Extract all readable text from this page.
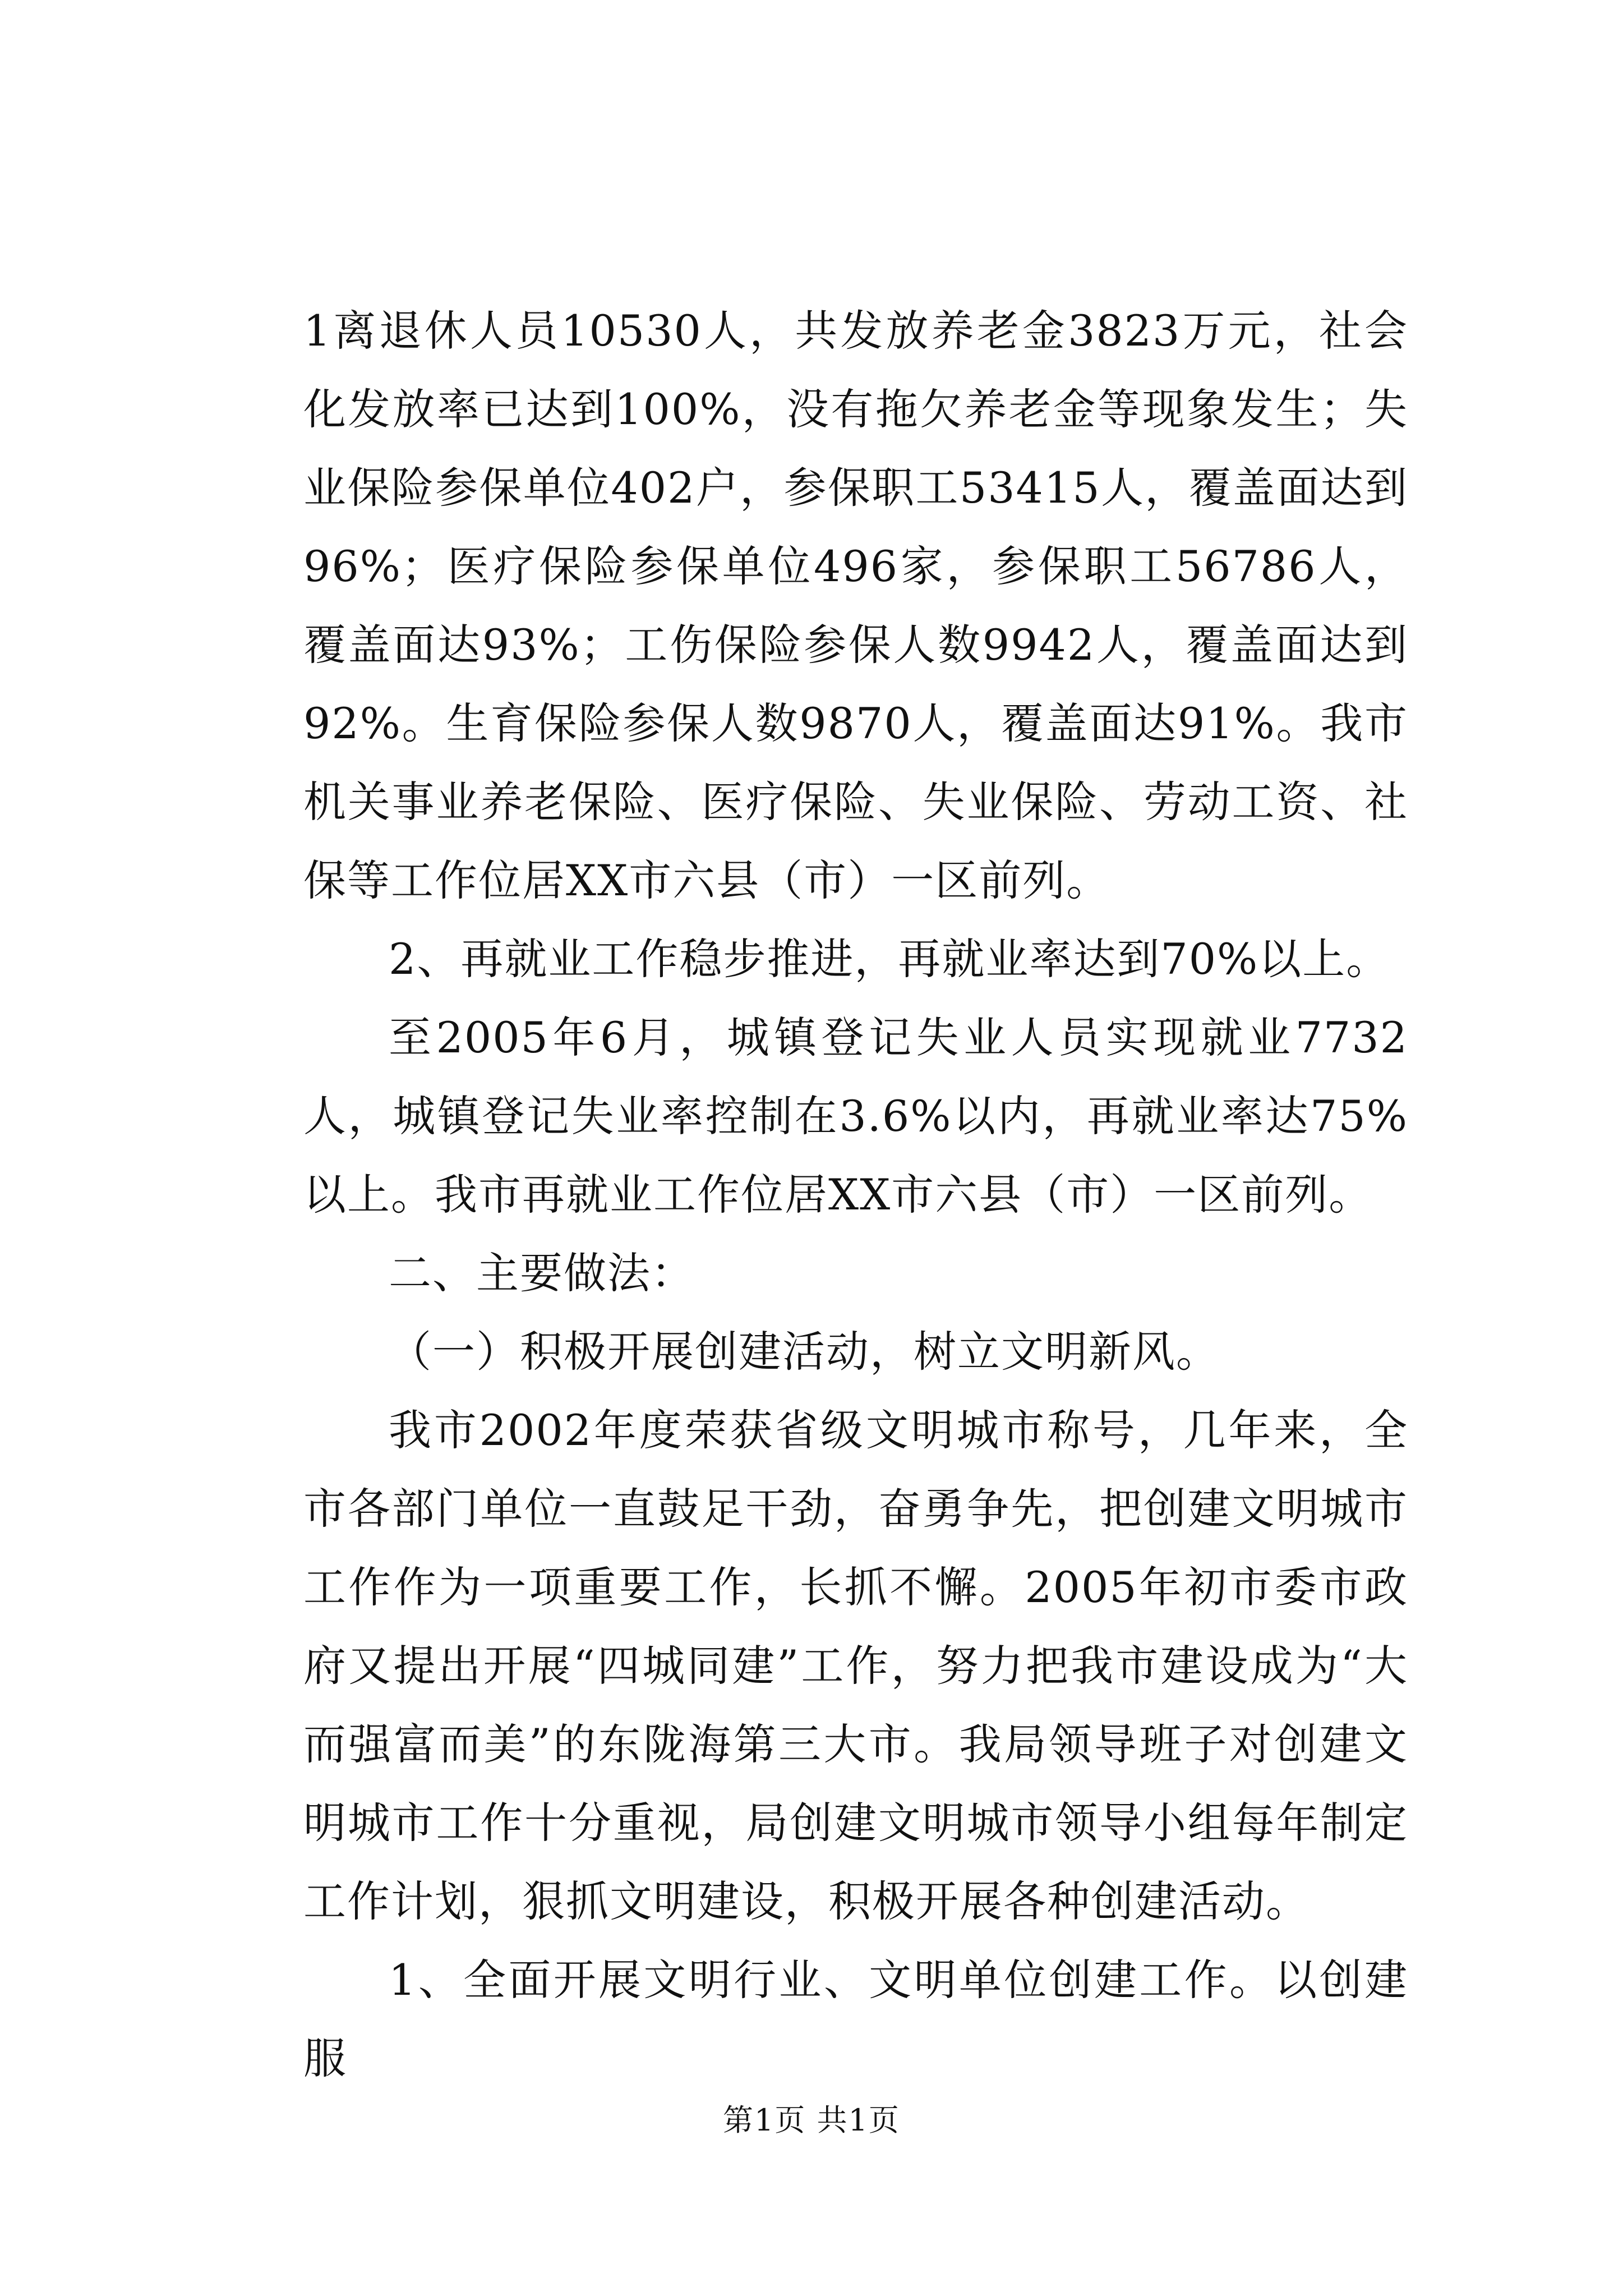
1离退休人员10530人，共发放养老金3823万元，社会化发放率已达到100%，没有拖欠养老金等现象发生；失业保险参保单位402户，参保职工53415人，覆盖面达到96%；医疗保险参保单位496家，参保职工56786人，覆盖面达93%；工伤保险参保人数9942人，覆盖面达到92%。生育保险参保人数9870人，覆盖面达91%。我市机关事业养老保险、医疗保险、失业保险、劳动工资、社保等工作位居XX市六县（市）一区前列。

2、再就业工作稳步推进，再就业率达到70%以上。

至2005年6月，城镇登记失业人员实现就业7732人，城镇登记失业率控制在3.6%以内，再就业率达75%以上。我市再就业工作位居XX市六县（市）一区前列。

二、主要做法：

（一）积极开展创建活动，树立文明新风。

我市2002年度荣获省级文明城市称号，几年来，全市各部门单位一直鼓足干劲，奋勇争先，把创建文明城市工作作为一项重要工作，长抓不懈。2005年初市委市政府又提出开展“四城同建”工作，努力把我市建设成为“大而强富而美”的东陇海第三大市。我局领导班子对创建文明城市工作十分重视，局创建文明城市领导小组每年制定工作计划，狠抓文明建设，积极开展各种创建活动。

1、全面开展文明行业、文明单位创建工作。以创建服

第1页 共1页
